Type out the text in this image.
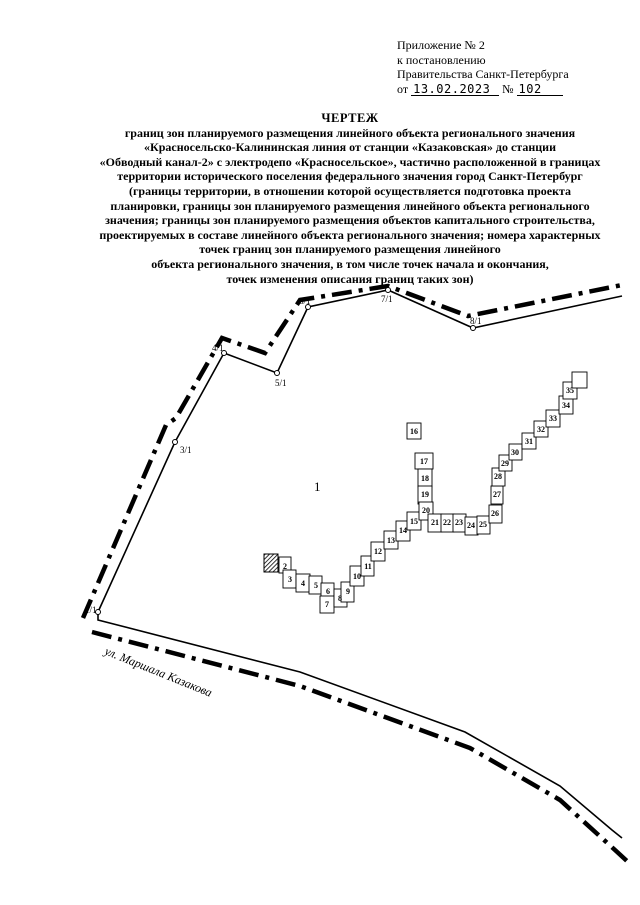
Приложение № 2
к постановлению
Правительства Санкт-Петербурга
от 13.02.2023 № 102
ЧЕРТЕЖ
границ зон планируемого размещения линейного объекта регионального значения
«Красносельско-Калининская линия от станции «Казаковская» до станции
«Обводный канал-2» с электродепо «Красносельское», частично расположенной в границах
территории исторического поселения федерального значения город Санкт-Петербург
(границы территории, в отношении которой осуществляется подготовка проекта
планировки, границы зон планируемого размещения линейного объекта регионального
значения; границы зон планируемого размещения объектов капитального строительства,
проектируемых в составе линейного объекта регионального значения; номера характерных
точек границ зон планируемого размещения линейного
объекта регионального значения, в том числе точек начала и окончания,
точек изменения описания границ таких зон)
1/1
3/1
4/1
5/1
6/1	7/1
8/1
1
ул. Маршала Казакова
2
3 4 5
6
7
8
9
10
11
12
13
14
15
16
17
18
19
20
21 22 23 24 25
26
27
28
29
30
31
32
33
34
35
